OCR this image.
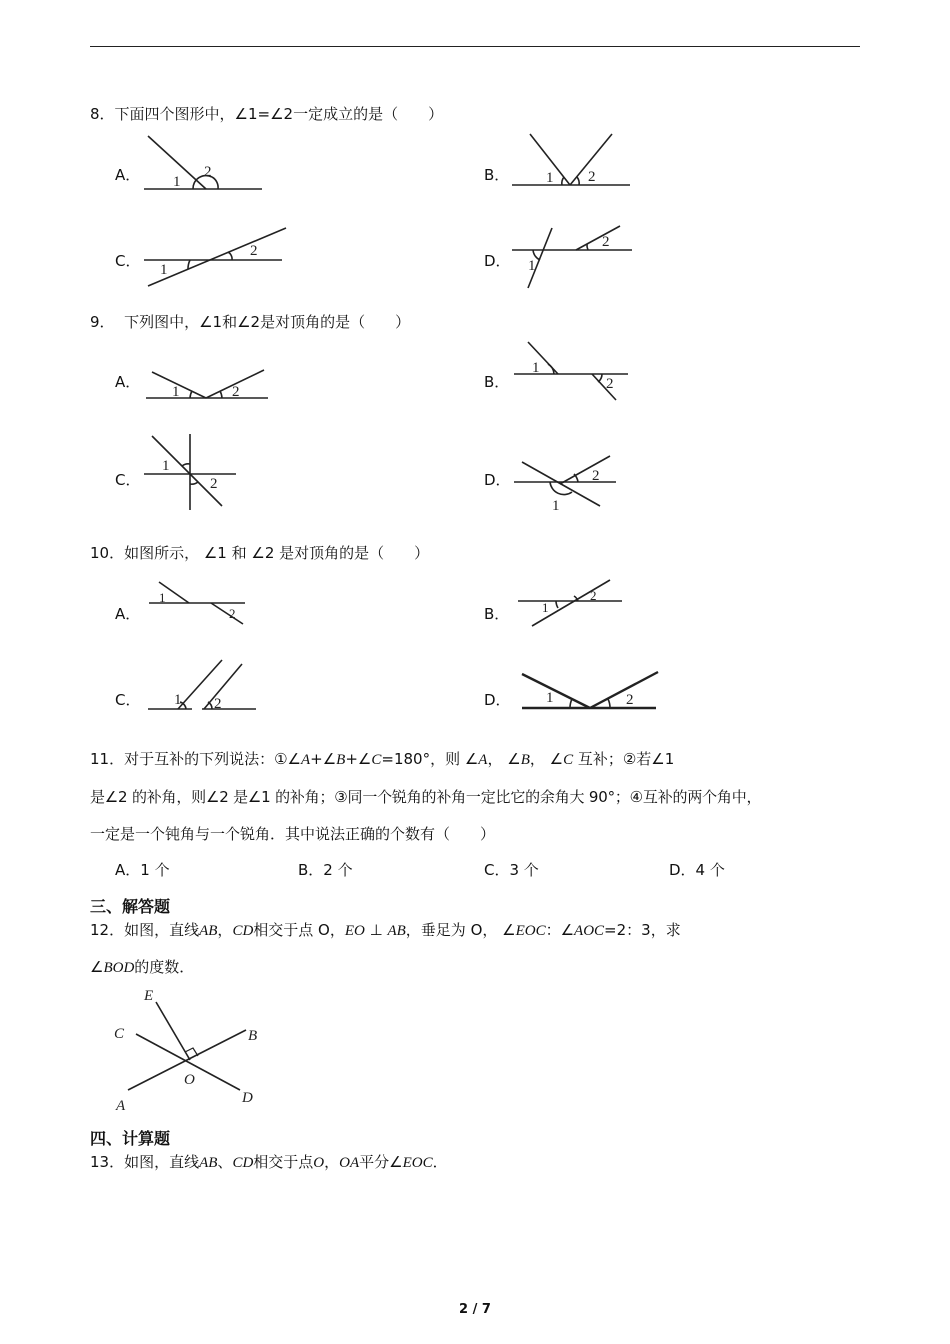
8．下面四个图形中，∠1=∠2一定成立的是（　　）
A． 1
2	B． 1 2
C． 1
2
D．
2
1
9． 下列图中，∠1和∠2是对顶角的是（　　）
A．
1	2
B．
1
2
C．
1
2	D．	2
1
10．如图所示， ∠1 和 ∠2 是对顶角的是（　　）
A．
1
2	B．	1
2
C． 1 2	D． 1	2
11．对于互补的下列说法：①∠A+∠B+∠C=180°，则 ∠A， ∠B， ∠C 互补；②若∠1
是∠2 的补角，则∠2 是∠1 的补角；③同一个锐角的补角一定比它的余角大 90°；④互补的两个角中，
一定是一个钝角与一个锐角．其中说法正确的个数有（　　）
A．1 个	B．2 个	C．3 个	D．4 个
三、解答题
12．如图，直线AB，CD相交于点 O，EO ⊥ AB，垂足为 O， ∠EOC：∠AOC=2：3，求
∠BOD的度数．
E
C	B
O
A	D
四、计算题
13．如图，直线AB、CD相交于点O，OA平分∠EOC．
2 / 7
